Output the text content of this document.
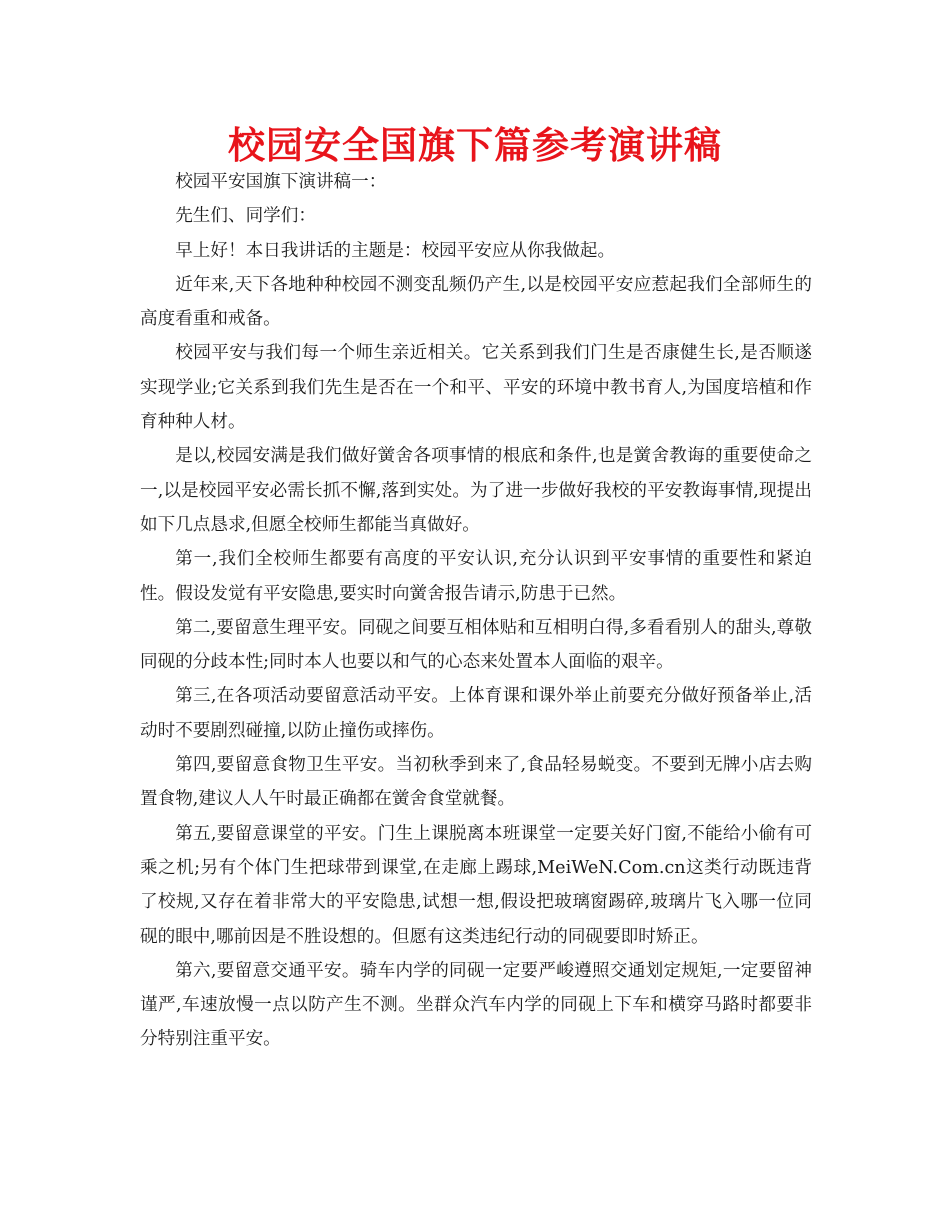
校园安全国旗下篇参考演讲稿

校园平安国旗下演讲稿一：

先生们、同学们：

早上好！本日我讲话的主题是：校园平安应从你我做起。

近年来,天下各地种种校园不测变乱频仍产生,以是校园平安应惹起我们全部师生的高度看重和戒备。

校园平安与我们每一个师生亲近相关。它关系到我们门生是否康健生长,是否顺遂实现学业;它关系到我们先生是否在一个和平、平安的环境中教书育人,为国度培植和作育种种人材。

是以,校园安满是我们做好黉舍各项事情的根底和条件,也是黉舍教诲的重要使命之一,以是校园平安必需长抓不懈,落到实处。为了进一步做好我校的平安教诲事情,现提出如下几点恳求,但愿全校师生都能当真做好。

第一,我们全校师生都要有高度的平安认识,充分认识到平安事情的重要性和紧迫性。假设发觉有平安隐患,要实时向黉舍报告请示,防患于已然。

第二,要留意生理平安。同砚之间要互相体贴和互相明白得,多看看别人的甜头,尊敬同砚的分歧本性;同时本人也要以和气的心态来处置本人面临的艰辛。

第三,在各项活动要留意活动平安。上体育课和课外举止前要充分做好预备举止,活动时不要剧烈碰撞,以防止撞伤或摔伤。

第四,要留意食物卫生平安。当初秋季到来了,食品轻易蜕变。不要到无牌小店去购置食物,建议人人午时最正确都在黉舍食堂就餐。

第五,要留意课堂的平安。门生上课脱离本班课堂一定要关好门窗,不能给小偷有可乘之机;另有个体门生把球带到课堂,在走廊上踢球,MeiWeN.Com.cn这类行动既违背了校规,又存在着非常大的平安隐患,试想一想,假设把玻璃窗踢碎,玻璃片飞入哪一位同砚的眼中,哪前因是不胜设想的。但愿有这类违纪行动的同砚要即时矫正。

第六,要留意交通平安。骑车内学的同砚一定要严峻遵照交通划定规矩,一定要留神谨严,车速放慢一点以防产生不测。坐群众汽车内学的同砚上下车和横穿马路时都要非分特别注重平安。
